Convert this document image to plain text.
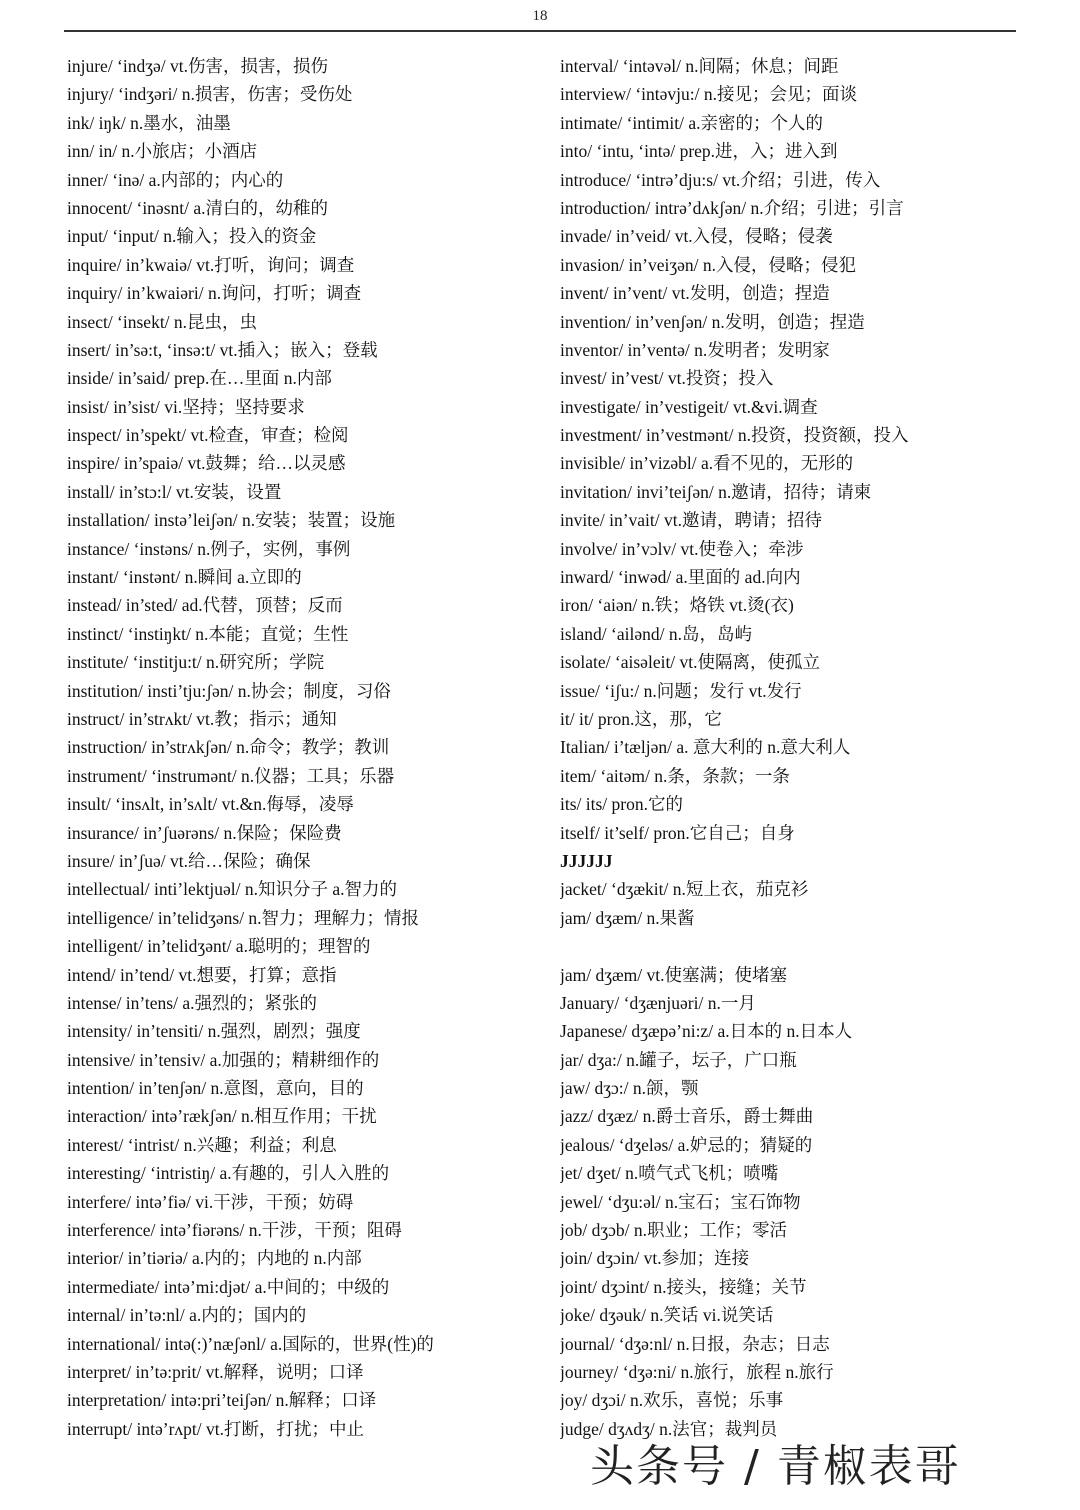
18
injure/ ‘indʒə/ vt.伤害，损害，损伤
injury/ ‘indʒəri/ n.损害，伤害；受伤处
ink/ iŋk/ n.墨水，油墨
inn/ in/ n.小旅店；小酒店
inner/ ‘inə/ a.内部的；内心的
innocent/ ‘inəsnt/ a.清白的，幼稚的
input/ ‘input/ n.输入；投入的资金
inquire/ in’kwaiə/ vt.打听，询问；调查
inquiry/ in’kwaiəri/ n.询问，打听；调查
insect/ ‘insekt/ n.昆虫，虫
insert/ in’sə:t, ‘insə:t/ vt.插入；嵌入；登载
inside/ in’said/ prep.在…里面 n.内部
insist/ in’sist/ vi.坚持；坚持要求
inspect/ in’spekt/ vt.检查，审查；检阅
inspire/ in’spaiə/ vt.鼓舞；给…以灵感
install/ in’stɔ:l/ vt.安装，设置
installation/ instə’leiʃən/ n.安装；装置；设施
instance/ ‘instəns/ n.例子，实例，事例
instant/ ‘instənt/ n.瞬间 a.立即的
instead/ in’sted/ ad.代替，顶替；反而
instinct/ ‘instiŋkt/ n.本能；直觉；生性
institute/ ‘institju:t/ n.研究所；学院
institution/ insti’tju:ʃən/ n.协会；制度，习俗
instruct/ in’strʌkt/ vt.教；指示；通知
instruction/ in’strʌkʃən/ n.命令；教学；教训
instrument/ ‘instrumənt/ n.仪器；工具；乐器
insult/ ‘insʌlt, in’sʌlt/ vt.&n.侮辱，凌辱
insurance/ in’ʃuərəns/ n.保险；保险费
insure/ in’ʃuə/ vt.给…保险；确保
intellectual/ inti’lektjuəl/ n.知识分子 a.智力的
intelligence/ in’telidʒəns/ n.智力；理解力；情报
intelligent/ in’telidʒənt/ a.聪明的；理智的
intend/ in’tend/ vt.想要，打算；意指
intense/ in’tens/ a.强烈的；紧张的
intensity/ in’tensiti/ n.强烈，剧烈；强度
intensive/ in’tensiv/ a.加强的；精耕细作的
intention/ in’tenʃən/ n.意图，意向，目的
interaction/ intə’rækʃən/ n.相互作用；干扰
interest/ ‘intrist/ n.兴趣；利益；利息
interesting/ ‘intristiŋ/ a.有趣的，引人入胜的
interfere/ intə’fiə/ vi.干涉，干预；妨碍
interference/ intə’fiərəns/ n.干涉，干预；阻碍
interior/ in’tiəriə/ a.内的；内地的 n.内部
intermediate/ intə’mi:djət/ a.中间的；中级的
internal/ in’tə:nl/ a.内的；国内的
international/ intə(:)’næʃənl/ a.国际的，世界(性)的
interpret/ in’tə:prit/ vt.解释，说明；口译
interpretation/ intə:pri’teiʃən/ n.解释；口译
interrupt/ intə’rʌpt/ vt.打断，打扰；中止
interval/ ‘intəvəl/ n.间隔；休息；间距
interview/ ‘intəvju:/ n.接见；会见；面谈
intimate/ ‘intimit/ a.亲密的；个人的
into/ ‘intu, ‘intə/ prep.进，入；进入到
introduce/ ‘intrə’dju:s/ vt.介绍；引进，传入
introduction/ intrə’dʌkʃən/ n.介绍；引进；引言
invade/ in’veid/ vt.入侵，侵略；侵袭
invasion/ in’veiʒən/ n.入侵，侵略；侵犯
invent/ in’vent/ vt.发明，创造；捏造
invention/ in’venʃən/ n.发明，创造；捏造
inventor/ in’ventə/ n.发明者；发明家
invest/ in’vest/ vt.投资；投入
investigate/ in’vestigeit/ vt.&vi.调查
investment/ in’vestmənt/ n.投资，投资额，投入
invisible/ in’vizəbl/ a.看不见的，无形的
invitation/ invi’teiʃən/ n.邀请，招待；请柬
invite/ in’vait/ vt.邀请，聘请；招待
involve/ in’vɔlv/ vt.使卷入；牵涉
inward/ ‘inwəd/ a.里面的 ad.向内
iron/ ‘aiən/ n.铁；烙铁 vt.烫(衣)
island/ ‘ailənd/ n.岛，岛屿
isolate/ ‘aisəleit/ vt.使隔离，使孤立
issue/ ‘iʃu:/ n.问题；发行 vt.发行
it/ it/ pron.这，那，它
Italian/ i’tæljən/ a. 意大利的 n.意大利人
item/ ‘aitəm/ n.条，条款；一条
its/ its/ pron.它的
itself/ it’self/ pron.它自己；自身
JJJJJJ
jacket/ ‘dʒækit/ n.短上衣，茄克衫
jam/ dʒæm/ n.果酱
jam/ dʒæm/ vt.使塞满；使堵塞
January/ ‘dʒænjuəri/ n.一月
Japanese/ dʒæpə’ni:z/ a.日本的 n.日本人
jar/ dʒa:/ n.罐子，坛子，广口瓶
jaw/ dʒɔ:/ n.颌，颚
jazz/ dʒæz/ n.爵士音乐，爵士舞曲
jealous/ ‘dʒeləs/ a.妒忌的；猜疑的
jet/ dʒet/ n.喷气式飞机；喷嘴
jewel/ ‘dʒu:əl/ n.宝石；宝石饰物
job/ dʒɔb/ n.职业；工作；零活
join/ dʒɔin/ vt.参加；连接
joint/ dʒɔint/ n.接头，接缝；关节
joke/ dʒəuk/ n.笑话 vi.说笑话
journal/ ‘dʒə:nl/ n.日报，杂志；日志
journey/ ‘dʒə:ni/ n.旅行，旅程 n.旅行
joy/ dʒɔi/ n.欢乐，喜悦；乐事
judge/ dʒʌdʒ/ n.法官；裁判员
头条号 / 青椒表哥
